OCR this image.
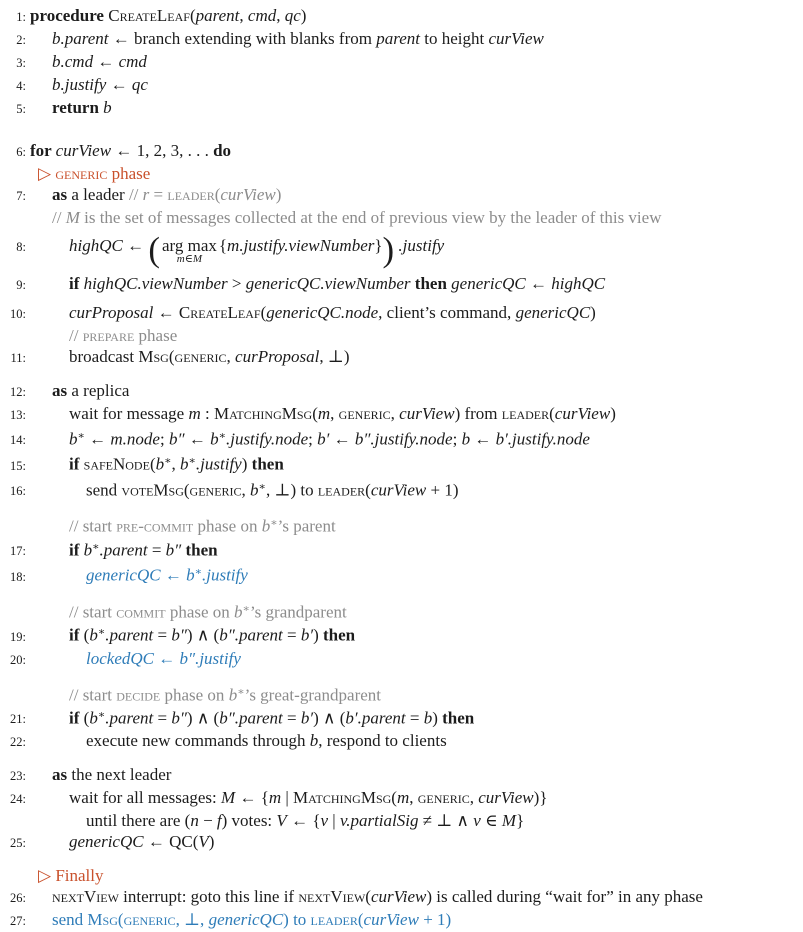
1: procedure CreateLeaf(parent, cmd, qc)
2: b.parent ← branch extending with blanks from parent to height curView
3: b.cmd ← cmd
4: b.justify ← qc
5: return b
6: for curView ← 1, 2, 3, . . . do
▷ generic phase
7: as a leader // r = leader(curView)
// M is the set of messages collected at the end of previous view by the leader of this view
8:	highQC ← ( arg max
m∈M
{m.justify.viewNumber}) .justify
9:	if highQC.viewNumber > genericQC.viewNumber then genericQC ← highQC
10:	curProposal ← CreateLeaf(genericQC.node, client’s command, genericQC)
// prepare phase
11:	broadcast Msg(generic, curProposal, ⊥)
12: as a replica
13:	wait for message m : MatchingMsg(m, generic, curView) from leader(curView)
14:	b∗ ← m.node; b″ ← b∗.justify.node; b′ ← b″.justify.node; b ← b′.justify.node
15:	if safeNode(b∗, b∗.justify) then
16:	send voteMsg(generic, b∗, ⊥) to leader(curView + 1)
// start pre-commit phase on b∗’s parent
17:	if b∗.parent = b″ then
18:	genericQC ← b∗.justify
// start commit phase on b∗’s grandparent
19:	if (b∗.parent = b″) ∧ (b″.parent = b′) then
20:	lockedQC ← b″.justify
// start decide phase on b∗’s great-grandparent
21:	if (b∗.parent = b″) ∧ (b″.parent = b′) ∧ (b′.parent = b) then
22:	execute new commands through b, respond to clients
23: as the next leader
24:	wait for all messages: M ← {m | MatchingMsg(m, generic, curView)}
until there are (n − f) votes: V ← {v | v.partialSig ≠ ⊥ ∧ v ∈ M}
25:	genericQC ← QC(V)
▷ Finally
26: nextView interrupt: goto this line if nextView(curView) is called during “wait for” in any phase
27: send Msg(generic, ⊥, genericQC) to leader(curView + 1)
